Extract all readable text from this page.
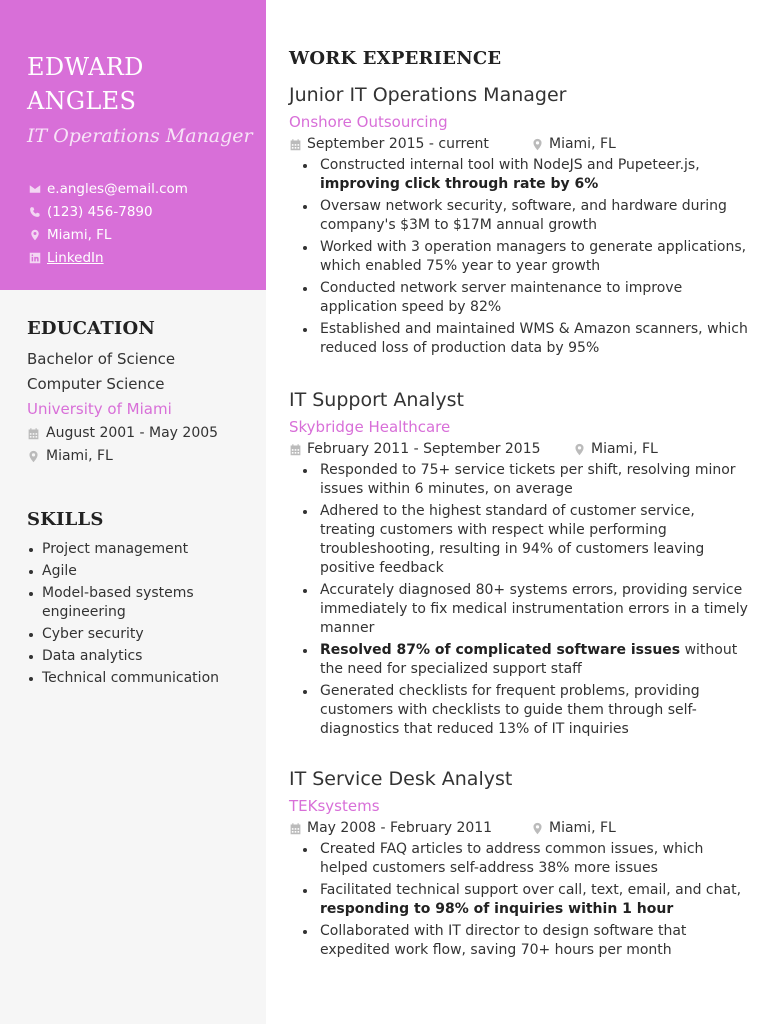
EDWARD
ANGLES
IT Operations Manager
e.angles@email.com
(123) 456-7890
Miami, FL
LinkedIn
EDUCATION
Bachelor of Science
Computer Science
University of Miami
August 2001 - May 2005
Miami, FL
SKILLS
Project management
Agile
Model-based systems engineering
Cyber security
Data analytics
Technical communication
WORK EXPERIENCE
Junior IT Operations Manager
Onshore Outsourcing
September 2015 - current	Miami, FL
Constructed internal tool with NodeJS and Pupeteer.js, improving click through rate by 6%
Oversaw network security, software, and hardware during company's $3M to $17M annual growth
Worked with 3 operation managers to generate applications, which enabled 75% year to year growth
Conducted network server maintenance to improve application speed by 82%
Established and maintained WMS & Amazon scanners, which reduced loss of production data by 95%
IT Support Analyst
Skybridge Healthcare
February 2011 - September 2015	Miami, FL
Responded to 75+ service tickets per shift, resolving minor issues within 6 minutes, on average
Adhered to the highest standard of customer service, treating customers with respect while performing troubleshooting, resulting in 94% of customers leaving positive feedback
Accurately diagnosed 80+ systems errors, providing service immediately to fix medical instrumentation errors in a timely manner
Resolved 87% of complicated software issues without the need for specialized support staff
Generated checklists for frequent problems, providing customers with checklists to guide them through self-diagnostics that reduced 13% of IT inquiries
IT Service Desk Analyst
TEKsystems
May 2008 - February 2011	Miami, FL
Created FAQ articles to address common issues, which helped customers self-address 38% more issues
Facilitated technical support over call, text, email, and chat, responding to 98% of inquiries within 1 hour
Collaborated with IT director to design software that expedited work flow, saving 70+ hours per month
